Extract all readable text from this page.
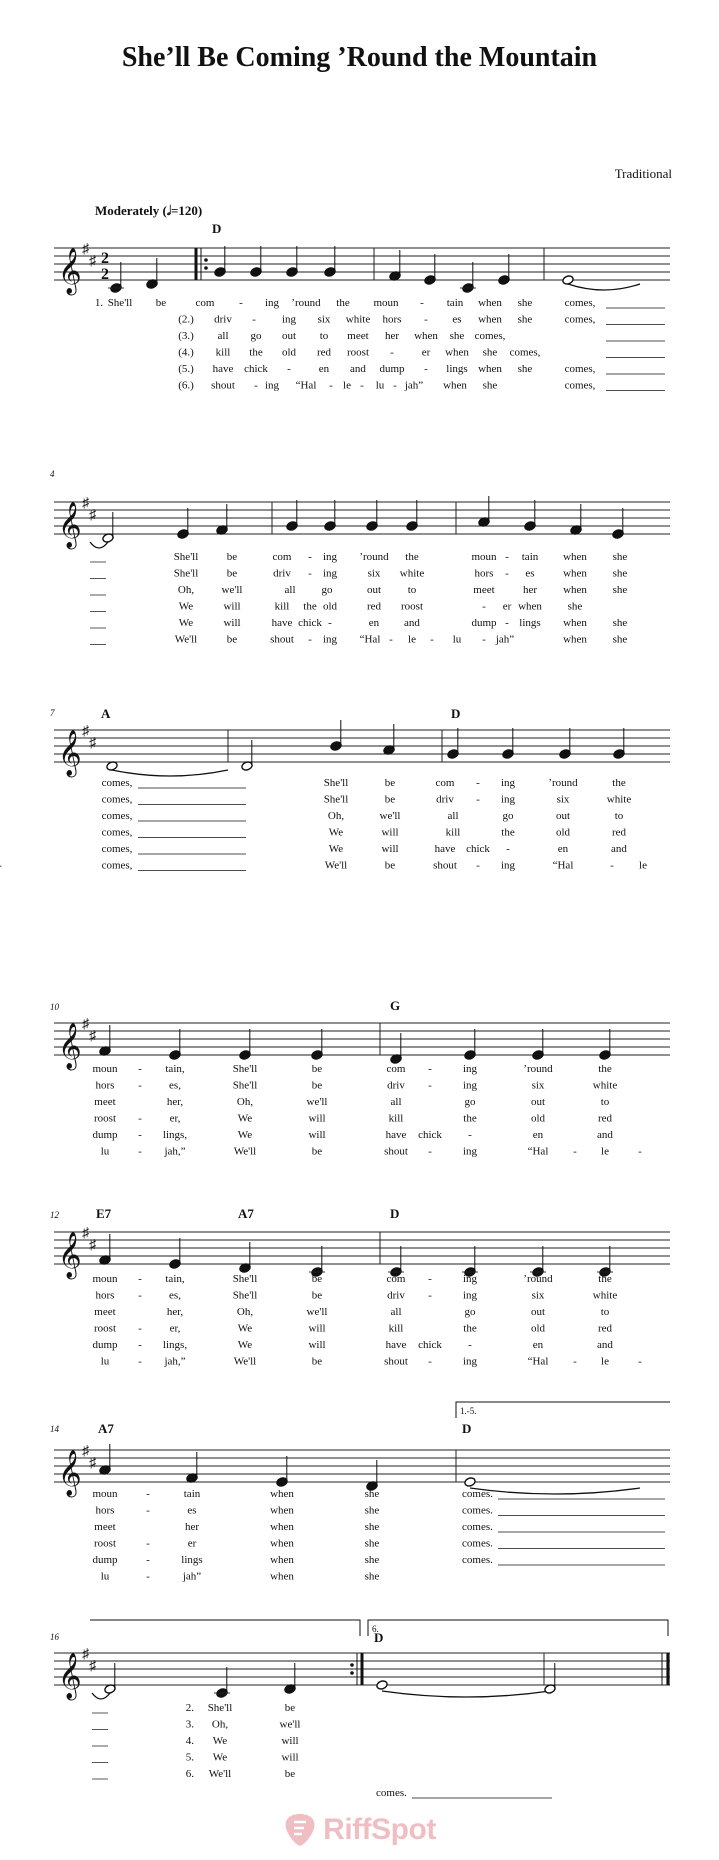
She’ll Be Coming ’Round the Mountain
Traditional
Moderately (𝅗𝅥=120)
𝄞 ♯
♯ 2
2
D
1. She'll be	com - ing ’round the moun - tain when she	comes,
(2.) driv - ing six white hors - es when she	comes,
(3.) all go out to meet her when she comes,
(4.) kill the old red roost -	er when she comes,
(5.) have chick -	en and dump - lings when she	comes,
(6.) shout - ing “Hal - le - lu - jah” when she	comes,
4
𝄞 ♯
♯
She'll	be	com - ing ’round the	moun - tain when she
She'll	be	driv - ing	six white	hors - es	when she
Oh, we'll	all go	out to	meet	her when she
We	will	kill the old	red roost	- er when she
We	will	have chick -	en and	dump - lings when she
We'll	be	shout - ing “Hal - le - lu - jah”	when she
7
𝄞 ♯
♯
A	D
comes,	She'll	be	com - ing	’round	the
comes,	She'll	be	driv - ing	six	white
comes,	Oh,	we'll	all	go	out	to
comes,	We	will	kill	the	old	red
comes,	We	will	have chick -	en	and
comes,	We'll	be	shout - ing	“Hal	- le
10
𝄞 ♯
♯
G
moun - tain,	She'll	be	com -	ing	’round	the
hors - es,	She'll	be	driv -	ing	six	white
meet	her,	Oh,	we'll	all	go	out	to
roost -	er,	We	will	kill	the	old	red
dump - lings,	We	will	have chick -	en	and
lu	- jah,”	We'll	be	shout -	ing	“Hal - le	-
12
𝄞 ♯
♯
E7	A7	D
moun - tain,	She'll	be	com -	ing	’round	the
hors - es,	She'll	be	driv -	ing	six	white
meet	her,	Oh,	we'll	all	go	out	to
roost -	er,	We	will	kill	the	old	red
dump - lings,	We	will	have chick -	en	and
lu	- jah,”	We'll	be	shout -	ing	“Hal - le	-
14
𝄞 ♯
♯
A7	D
1.-5.
moun	-	tain	when	she	comes.
hors	-	es	when	she	comes.
meet	her	when	she	comes.
roost	-	er	when	she	comes.
dump	-	lings	when	she	comes.
lu	-	jah”	when	she
16
𝄞 ♯
♯
D
6.
2. She'll	be
3. Oh,	we'll
4. We	will
5. We	will
6. We'll	be
comes.
RiffSpot
